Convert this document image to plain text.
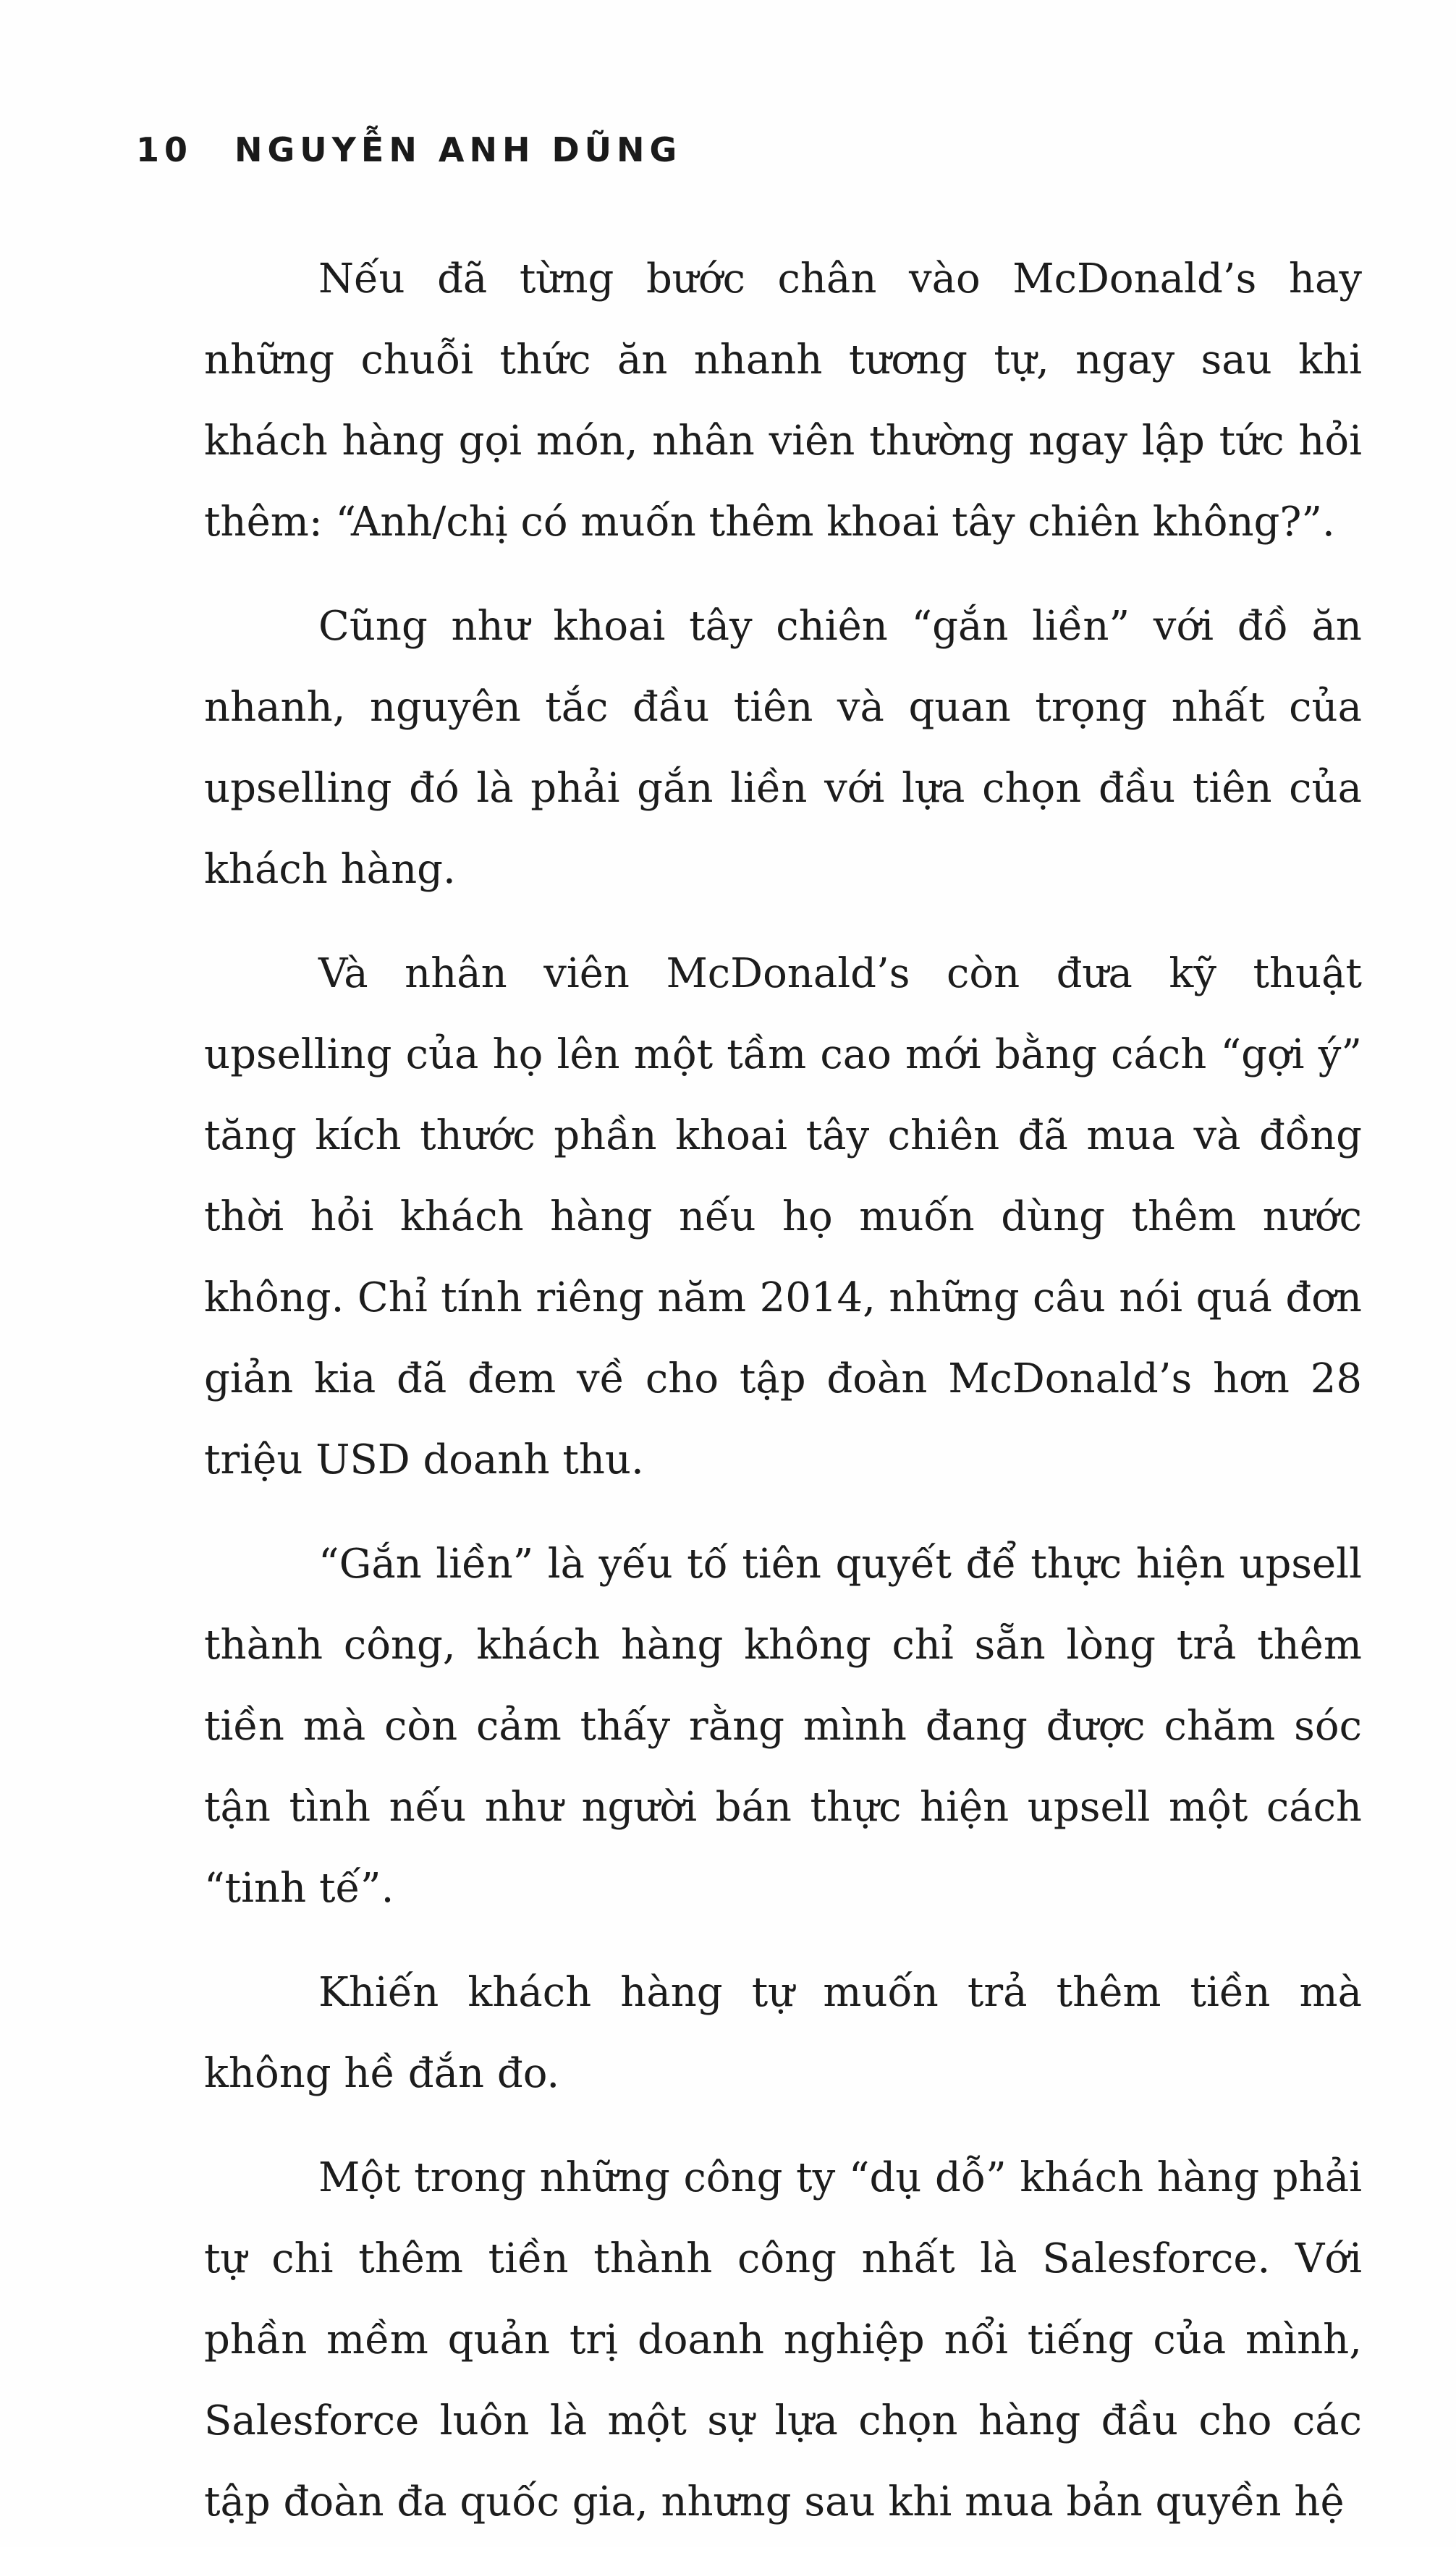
10 NGUYỄN ANH DŨNG

Nếu đã từng bước chân vào McDonald’s hay những chuỗi thức ăn nhanh tương tự, ngay sau khi khách hàng gọi món, nhân viên thường ngay lập tức hỏi thêm: “Anh/chị có muốn thêm khoai tây chiên không?”.

Cũng như khoai tây chiên “gắn liền” với đồ ăn nhanh, nguyên tắc đầu tiên và quan trọng nhất của upselling đó là phải gắn liền với lựa chọn đầu tiên của khách hàng.

Và nhân viên McDonald’s còn đưa kỹ thuật upselling của họ lên một tầm cao mới bằng cách “gợi ý” tăng kích thước phần khoai tây chiên đã mua và đồng thời hỏi khách hàng nếu họ muốn dùng thêm nước không. Chỉ tính riêng năm 2014, những câu nói quá đơn giản kia đã đem về cho tập đoàn McDonald’s hơn 28 triệu USD doanh thu.

“Gắn liền” là yếu tố tiên quyết để thực hiện upsell thành công, khách hàng không chỉ sẵn lòng trả thêm tiền mà còn cảm thấy rằng mình đang được chăm sóc tận tình nếu như người bán thực hiện upsell một cách “tinh tế”.

Khiến khách hàng tự muốn trả thêm tiền mà không hề đắn đo.

Một trong những công ty “dụ dỗ” khách hàng phải tự chi thêm tiền thành công nhất là Salesforce. Với phần mềm quản trị doanh nghiệp nổi tiếng của mình, Salesforce luôn là một sự lựa chọn hàng đầu cho các tập đoàn đa quốc gia, nhưng sau khi mua bản quyền hệ
